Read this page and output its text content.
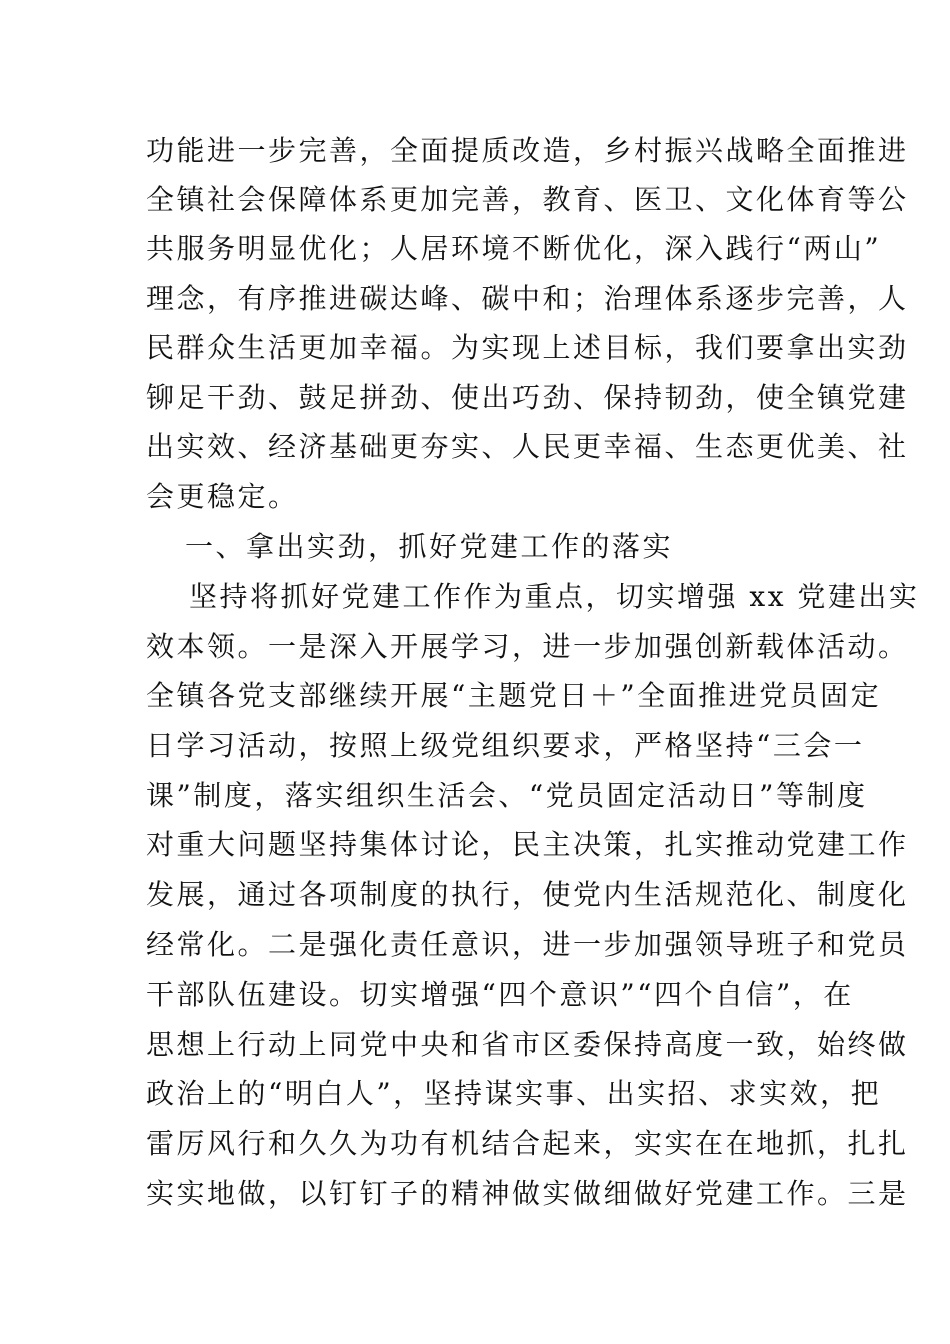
功能进一步完善，全面提质改造，乡村振兴战略全面推进
全镇社会保障体系更加完善，教育、医卫、文化体育等公
共服务明显优化；人居环境不断优化，深入践行“两山”
理念，有序推进碳达峰、碳中和；治理体系逐步完善，人
民群众生活更加幸福。为实现上述目标，我们要拿出实劲
铆足干劲、鼓足拼劲、使出巧劲、保持韧劲，使全镇党建
出实效、经济基础更夯实、人民更幸福、生态更优美、社
会更稳定。
一、拿出实劲，抓好党建工作的落实
坚持将抓好党建工作作为重点，切实增强 xx 党建出实
效本领。一是深入开展学习，进一步加强创新载体活动。
全镇各党支部继续开展“主题党日＋”全面推进党员固定
日学习活动，按照上级党组织要求，严格坚持“三会一
课”制度，落实组织生活会、“党员固定活动日”等制度
对重大问题坚持集体讨论，民主决策，扎实推动党建工作
发展，通过各项制度的执行，使党内生活规范化、制度化
经常化。二是强化责任意识，进一步加强领导班子和党员
干部队伍建设。切实增强“四个意识”“四个自信”，在
思想上行动上同党中央和省市区委保持高度一致，始终做
政治上的“明白人”，坚持谋实事、出实招、求实效，把
雷厉风行和久久为功有机结合起来，实实在在地抓，扎扎
实实地做，以钉钉子的精神做实做细做好党建工作。三是
